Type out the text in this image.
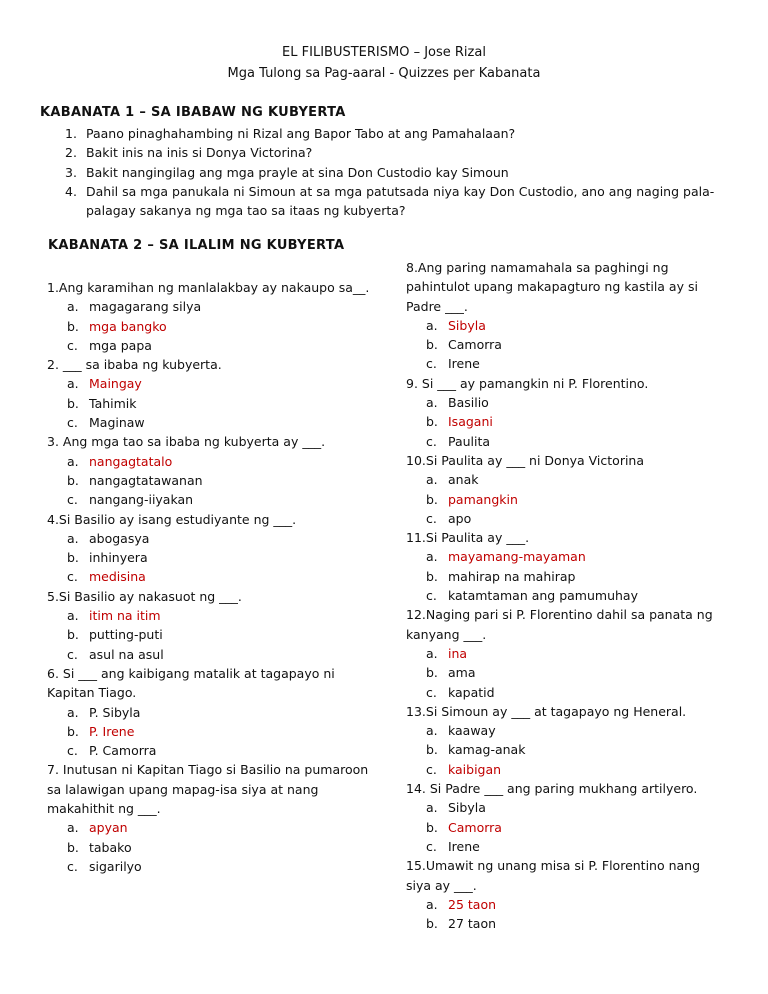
EL FILIBUSTERISMO – Jose Rizal
Mga Tulong sa Pag-aaral - Quizzes per Kabanata
KABANATA 1 – SA IBABAW NG KUBYERTA
1. Paano pinaghahambing ni Rizal ang Bapor Tabo at ang Pamahalaan?
2. Bakit inis na inis si Donya Victorina?
3. Bakit nangingilag ang mga prayle at sina Don Custodio kay Simoun
4. Dahil sa mga panukala ni Simoun at sa mga patutsada niya kay Don Custodio, ano ang naging pala-palagay sakanya ng mga tao sa itaas ng kubyerta?
KABANATA 2 – SA ILALIM NG KUBYERTA
1.Ang karamihan ng manlalakbay ay nakaupo sa__.
a. magagarang silya
b. mga bangko
c. mga papa
2. ___ sa ibaba ng kubyerta.
a. Maingay
b. Tahimik
c. Maginaw
3. Ang mga tao sa ibaba ng kubyerta ay ___.
a. nangagtatalo
b. nangagtatawanan
c. nangang-iiyakan
4.Si Basilio ay isang estudiyante ng ___.
a. abogasya
b. inhinyera
c. medisina
5.Si Basilio ay nakasuot ng ___.
a. itim na itim
b. putting-puti
c. asul na asul
6. Si ___ ang kaibigang matalik at tagapayo ni Kapitan Tiago.
a. P. Sibyla
b. P. Irene
c. P. Camorra
7. Inutusan ni Kapitan Tiago si Basilio na pumaroon sa lalawigan upang mapag-isa siya at nang makahithit ng ___.
a. apyan
b. tabako
c. sigarilyo
8.Ang paring namamahala sa paghingi ng pahintulot upang makapagturo ng kastila ay si Padre ___.
a. Sibyla
b. Camorra
c. Irene
9. Si ___ ay pamangkin ni P. Florentino.
a. Basilio
b. Isagani
c. Paulita
10.Si Paulita ay ___ ni Donya Victorina
a. anak
b. pamangkin
c. apo
11.Si Paulita ay ___.
a. mayamang-mayaman
b. mahirap na mahirap
c. katamtaman ang pamumuhay
12.Naging pari si P. Florentino dahil sa panata ng kanyang ___.
a. ina
b. ama
c. kapatid
13.Si Simoun ay ___ at tagapayo ng Heneral.
a. kaaway
b. kamag-anak
c. kaibigan
14. Si Padre ___ ang paring mukhang artilyero.
a. Sibyla
b. Camorra
c. Irene
15.Umawit ng unang misa si P. Florentino nang siya ay ___.
a. 25 taon
b. 27 taon
